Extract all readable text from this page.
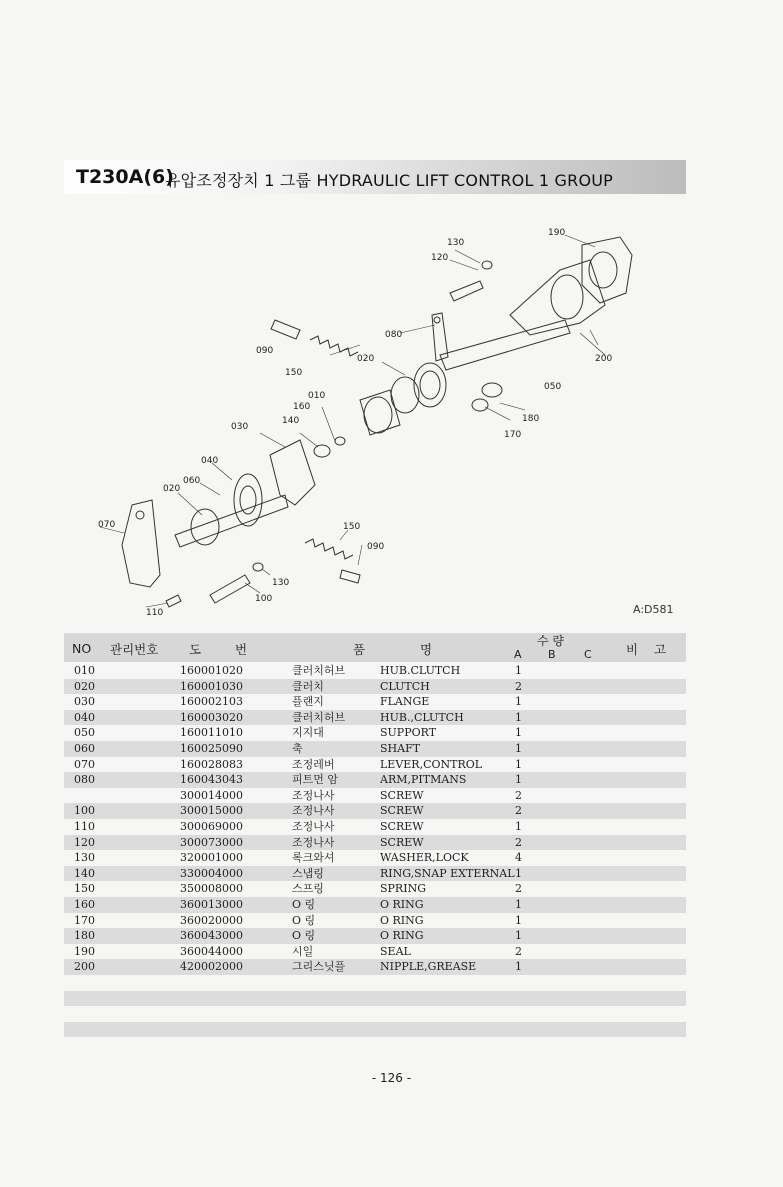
T230A(6)
유압조정장치 1 그룹 HYDRAULIC LIFT CONTROL 1 GROUP
190
130
120
080
090
150
020	200
010
050
160
140	180
030
170
040
060
020
070	150
090
130
100
110	A:D581
NO 관리번호 도	번	품	명
수 량
A B	C	비 고
010	160001020	클러치허브	HUB.CLUTCH	1
020	160001030	클러치	CLUTCH	2
030	160002103	플랜지	FLANGE	1
040	160003020	클러치허브	HUB.,CLUTCH	1
050	160011010	지지대	SUPPORT	1
060	160025090	축	SHAFT	1
070	160028083	조정레버	LEVER,CONTROL	1
080	160043043	피트먼 암	ARM,PITMANS	1
300014000	조정나사	SCREW	2
100	300015000	조정나사	SCREW	2
110	300069000	조정나사	SCREW	1
120	300073000	조정나사	SCREW	2
130	320001000	록크와셔	WASHER,LOCK	4
140	330004000	스냅링	RING,SNAP EXTERNAL 1
150	350008000	스프링	SPRING	2
160	360013000	O 링	O RING	1
170	360020000	O 링	O RING	1
180	360043000	O 링	O RING	1
190	360044000	시일	SEAL	2
200	420002000	그리스닛플	NIPPLE,GREASE	1
- 126 -
